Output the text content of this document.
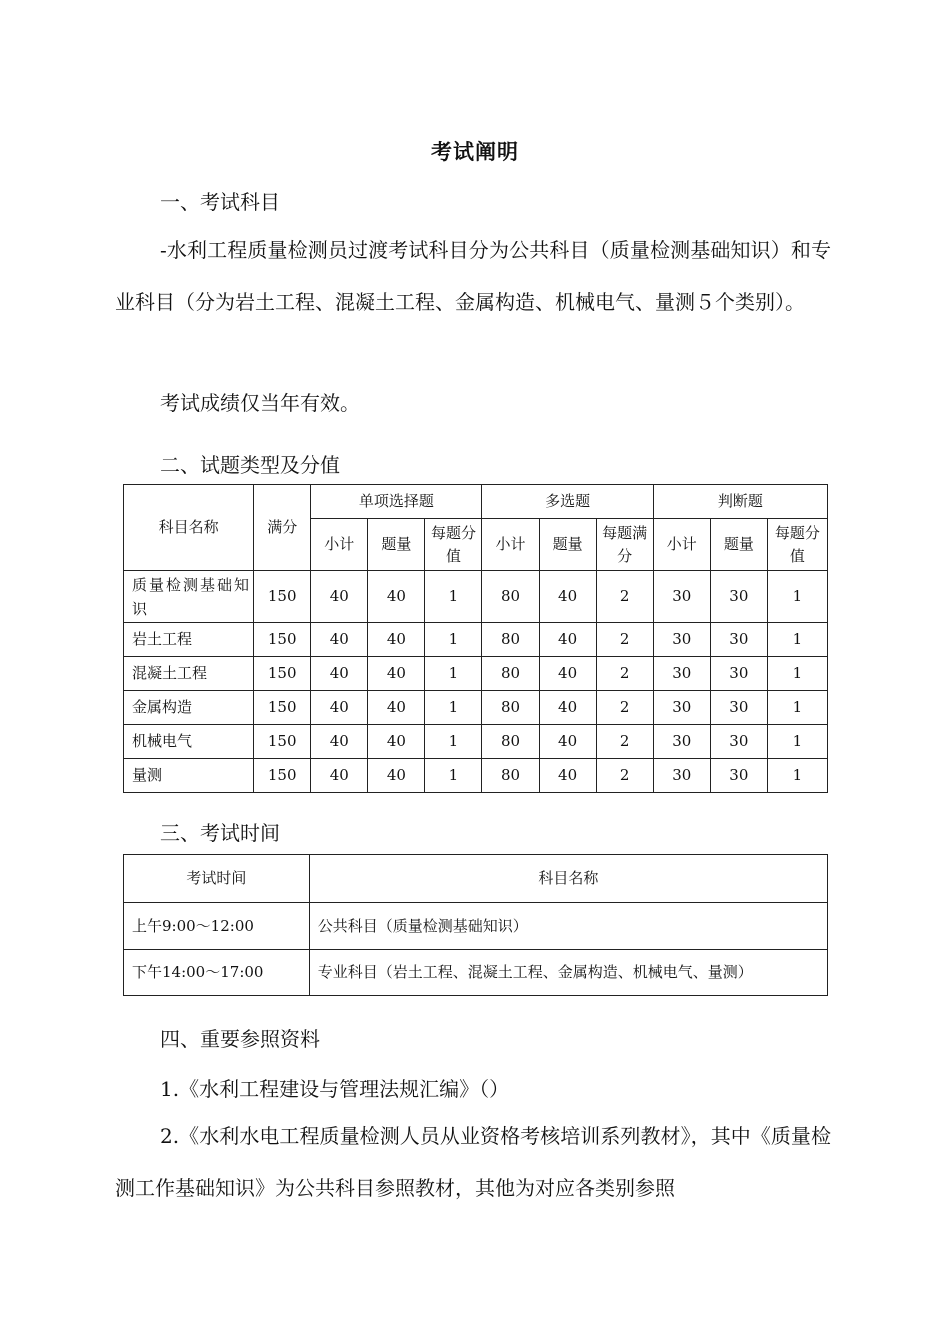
考试阐明
一、考试科目
-水利工程质量检测员过渡考试科目分为公共科目（质量检测基础知识）和专业科目（分为岩土工程、混凝土工程、金属构造、机械电气、量测５个类别）。
考试成绩仅当年有效。
二、试题类型及分值
科目名称	满分	单项选择题			多选题			判断题		
		小计	题量	每题分值	小计	题量	每题满分	小计	题量	每题分值
质量检测基础知识	150	40	40	1	80	40	2	30	30	1
岩土工程	150	40	40	1	80	40	2	30	30	1
混凝土工程	150	40	40	1	80	40	2	30	30	1
金属构造	150	40	40	1	80	40	2	30	30	1
机械电气	150	40	40	1	80	40	2	30	30	1
量测	150	40	40	1	80	40	2	30	30	1
三、考试时间
考试时间	科目名称
上午9:00～12:00	公共科目（质量检测基础知识）
下午14:00～17:00	专业科目（岩土工程、混凝土工程、金属构造、机械电气、量测）
四、重要参照资料
1.《水利工程建设与管理法规汇编》（）
2.《水利水电工程质量检测人员从业资格考核培训系列教材》，其中《质量检测工作基础知识》为公共科目参照教材，其他为对应各类别参照
